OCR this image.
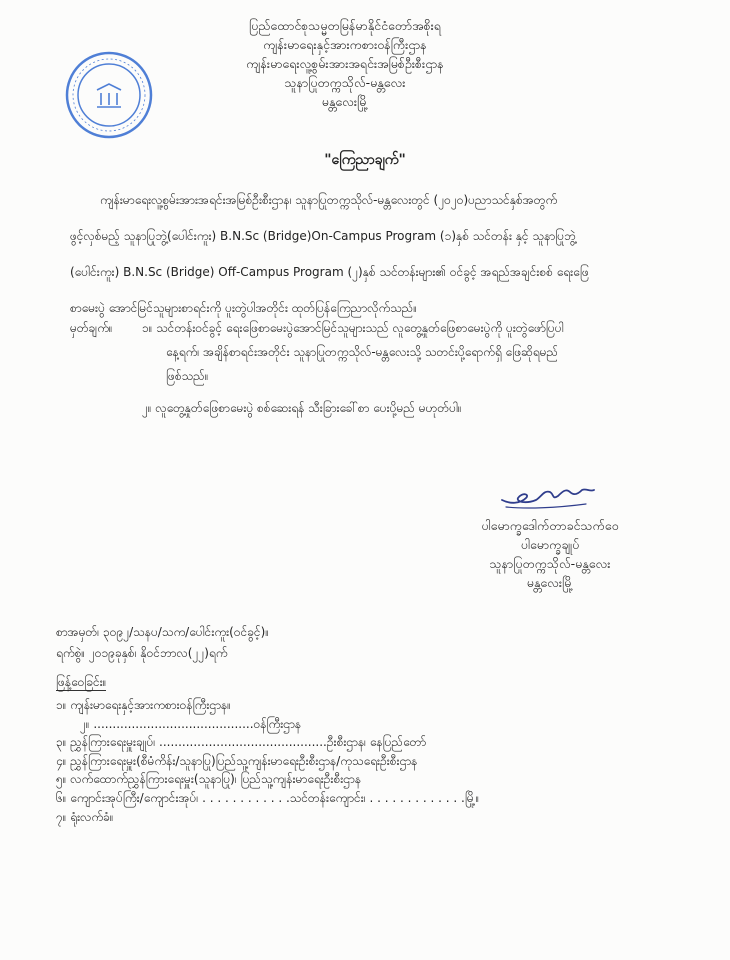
ပြည်ထောင်စုသမ္မတမြန်မာနိုင်ငံတော်အစိုးရ
ကျန်းမာရေးနှင့်အားကစားဝန်ကြီးဌာန
ကျန်းမာရေးလူ့စွမ်းအားအရင်းအမြစ်ဦးစီးဌာန
သူနာပြုတက္ကသိုလ်-မန္တလေး
မန္တလေးမြို့
"ကြေညာချက်"
ကျန်းမာရေးလူ့စွမ်းအားအရင်းအမြစ်ဦးစီးဌာန၊ သူနာပြုတက္ကသိုလ်-မန္တလေးတွင် (၂၀၂၀)ပညာသင်နှစ်အတွက်
ဖွင့်လှစ်မည့် သူနာပြုဘွဲ့(ပေါင်းကူး) B.N.Sc (Bridge)On-Campus Program (၁)နှစ် သင်တန်း နှင့် သူနာပြုဘွဲ့
(ပေါင်းကူး) B.N.Sc (Bridge) Off-Campus Program (၂)နှစ် သင်တန်းများ၏ ဝင်ခွင့် အရည်အချင်းစစ် ရေးဖြေ
စာမေးပွဲ အောင်မြင်သူများစာရင်းကို ပူးတွဲပါအတိုင်း ထုတ်ပြန်ကြေညာလိုက်သည်။
မှတ်ချက်။ ၁။ သင်တန်းဝင်ခွင့် ရေးဖြေစာမေးပွဲအောင်မြင်သူများသည် လူတွေ့နှုတ်ဖြေစာမေးပွဲကို ပူးတွဲဖော်ပြပါ
နေ့ရက်၊ အချိန်စာရင်းအတိုင်း သူနာပြုတက္ကသိုလ်-မန္တလေးသို့ သတင်းပို့ရောက်ရှိ ဖြေဆိုရမည်
ဖြစ်သည်။
၂။ လူတွေ့နှုတ်ဖြေစာမေးပွဲ စစ်ဆေးရန် သီးခြားခေါ်စာ ပေးပို့မည် မဟုတ်ပါ။
ပါမောက္ခဒေါက်တာခင်သက်ဝေ
ပါမောက္ခချုပ်
သူနာပြုတက္ကသိုလ်-မန္တလေး
မန္တလေးမြို့
စာအမှတ်၊ ၃၀၉၂/သနပ/သက/ပေါင်းကူး(ဝင်ခွင့်)။
ရက်စွဲ။ ၂၀၁၉ခုနှစ်၊ နိုဝင်ဘာလ(၂၂)ရက်
ဖြန့်ဝေခြင်း။
၁။ ကျန်းမာရေးနှင့်အားကစားဝန်ကြီးဌာန။
၂။ ..........................................ဝန်ကြီးဌာန
၃။ ညွှန်ကြားရေးမှူးချုပ်၊ ............................................ဦးစီးဌာန၊ နေပြည်တော်
၄။ ညွှန်ကြားရေးမှူး(စီမံကိန်း/သူနာပြု)ပြည်သူ့ကျန်းမာရေးဦးစီးဌာန/ကုသရေးဦးစီးဌာန
၅။ လက်ထောက်ညွှန်ကြားရေးမှူး(သူနာပြု)၊ ပြည်သူ့ကျန်းမာရေးဦးစီးဌာန
၆။ ကျောင်းအုပ်ကြီး/ကျောင်းအုပ်၊ . . . . . . . . . . . .သင်တန်းကျောင်း၊ . . . . . . . . . . . . .မြို့။
၇။ ရုံးလက်ခံ။
